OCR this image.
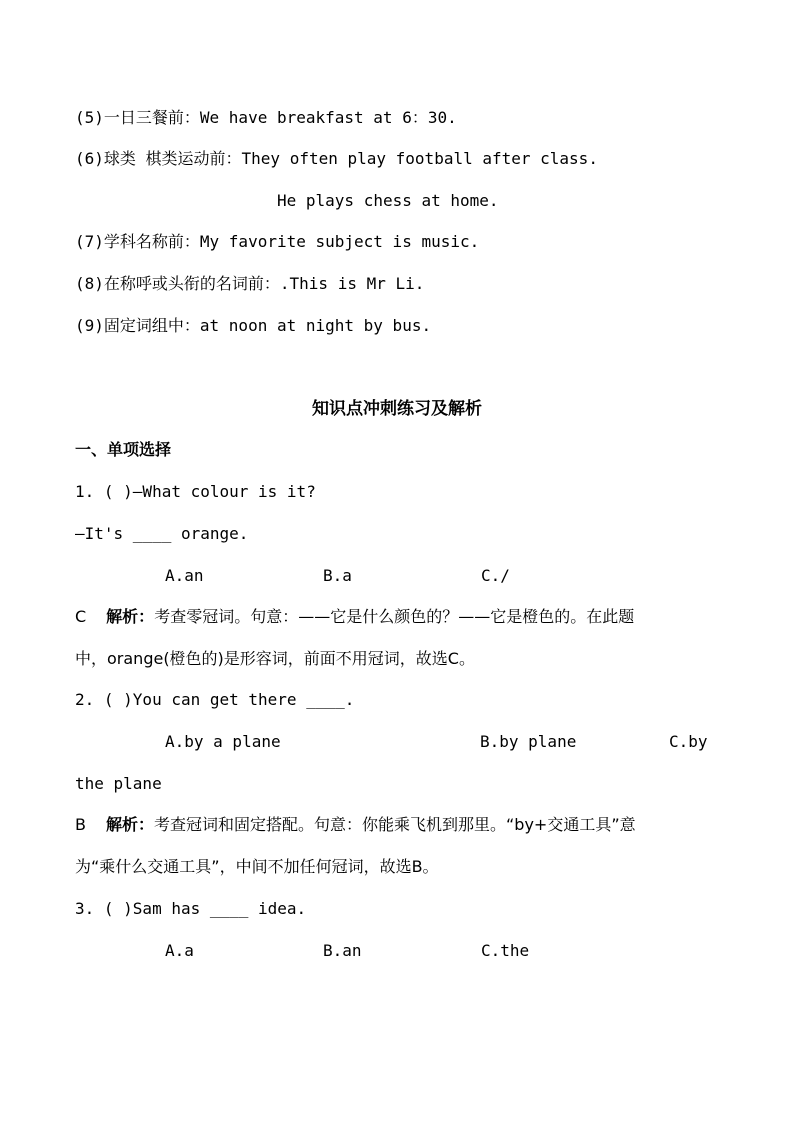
(5)一日三餐前：We have breakfast at 6：30.
(6)球类 棋类运动前：They often play football after class.
He plays chess at home.
(7)学科名称前：My favorite subject is music.
(8)在称呼或头衔的名词前：.This is Mr Li.
(9)固定词组中：at noon at night by bus.
知识点冲刺练习及解析
一、单项选择
1. ( )—What colour is it?
—It's ____ orange.
A.an	B.a	C./
C 解析：考查零冠词。句意：——它是什么颜色的？——它是橙色的。在此题
中，orange(橙色的)是形容词，前面不用冠词，故选C。
2. ( )You can get there ____.
A.by a plane	B.by plane	C.by
the plane
B 解析：考查冠词和固定搭配。句意：你能乘飞机到那里。“by+交通工具”意
为“乘什么交通工具”，中间不加任何冠词，故选B。
3. ( )Sam has ____ idea.
A.a	B.an	C.the
